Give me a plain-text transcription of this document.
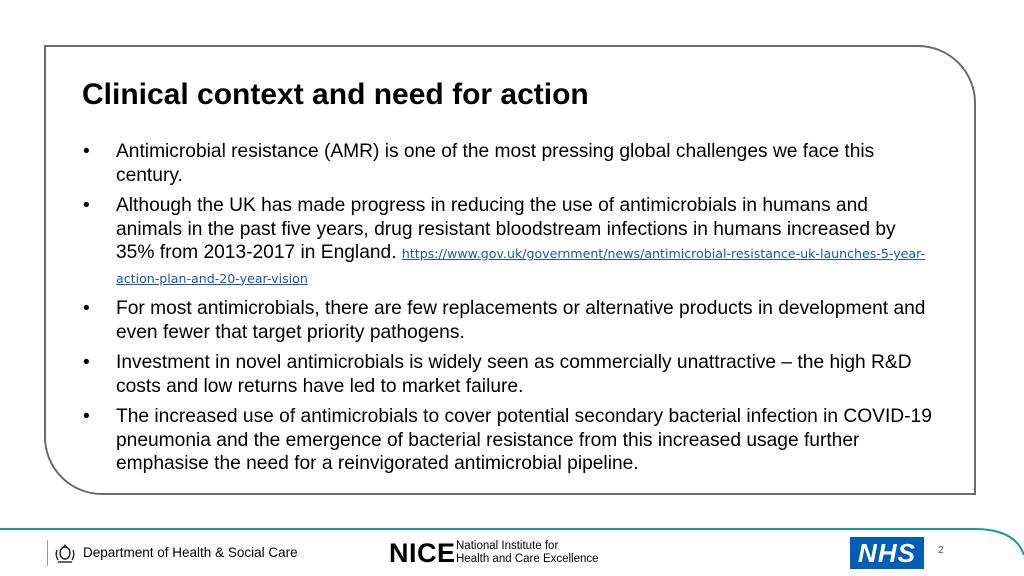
Clinical context and need for action
•	Antimicrobial resistance (AMR) is one of the most pressing global challenges we face this century.
•	Although the UK has made progress in reducing the use of antimicrobials in humans and animals in the past five years, drug resistant bloodstream infections in humans increased by 35% from 2013-2017 in England. https://www.gov.uk/government/news/antimicrobial-resistance-uk-launches-5-year-action-plan-and-20-year-vision
•	For most antimicrobials, there are few replacements or alternative products in development and even fewer that target priority pathogens.
•	Investment in novel antimicrobials is widely seen as commercially unattractive – the high R&D costs and low returns have led to market failure.
•	The increased use of antimicrobials to cover potential secondary bacterial infection in COVID-19 pneumonia and the emergence of bacterial resistance from this increased usage further emphasise the need for a reinvigorated antimicrobial pipeline.
Department of Health & Social Care	NICE National Institute for
Health and Care Excellence	NHS	2
